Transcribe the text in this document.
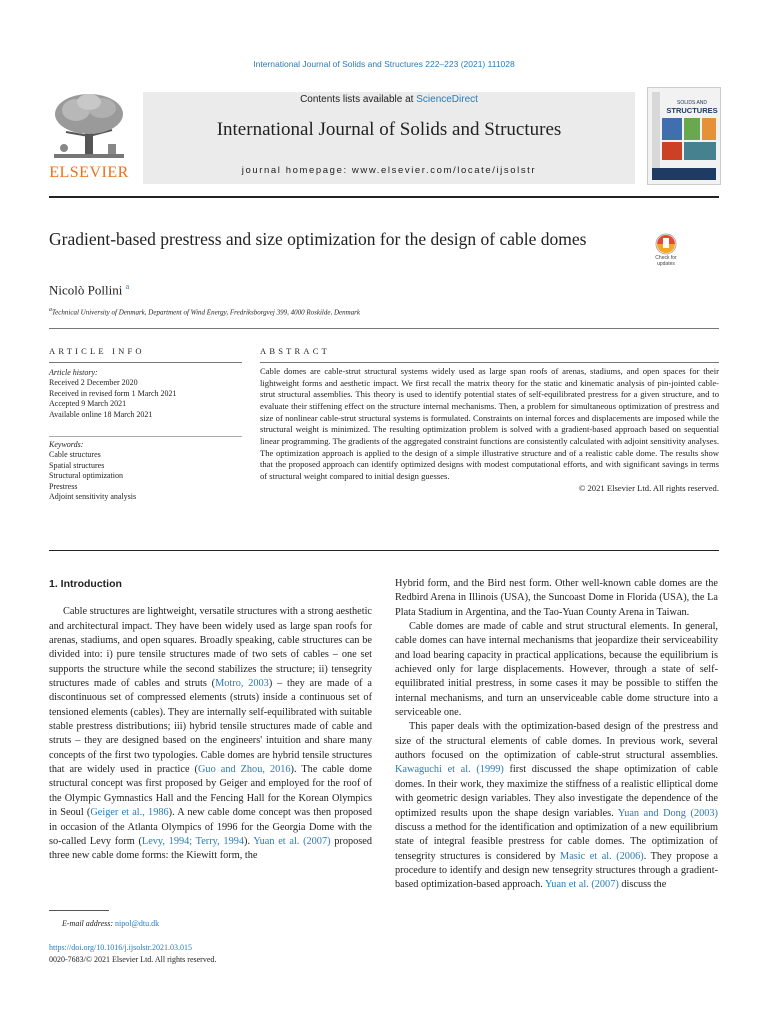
International Journal of Solids and Structures 222–223 (2021) 111028
ELSEVIER
Contents lists available at ScienceDirect
International Journal of Solids and Structures
journal homepage: www.elsevier.com/locate/ijsolstr
SOLIDS AND
STRUCTURES
Gradient-based prestress and size optimization for the design of cable domes
Check for updates
Nicolò Pollini $^a$
$^a$Technical University of Denmark, Department of Wind Energy, Fredriksborgvej 399, 4000 Roskilde, Denmark
ARTICLE INFO	ABSTRACT
Article history:
Received 2 December 2020
Received in revised form 1 March 2021
Accepted 9 March 2021
Available online 18 March 2021
Keywords:
Cable structures
Spatial structures
Structural optimization
Prestress
Adjoint sensitivity analysis
Cable domes are cable-strut structural systems widely used as large span roofs of arenas, stadiums, and open spaces for their lightweight forms and aesthetic impact. We first recall the matrix theory for the static and kinematic analysis of pin-jointed cable-strut structural assemblies. This theory is used to identify potential states of self-equilibrated prestress for a given structure, and to evaluate their stiffening effect on the structure internal mechanisms. Then, a problem for simultaneous optimization of prestress and size of nonlinear cable-strut structural systems is formulated. Constraints on internal forces and displacements are imposed while the structural weight is minimized. The resulting optimization problem is solved with a gradient-based approach based on sequential linear programming. The gradients of the aggregated constraint functions are consistently calculated with adjoint sensitivity analyses. The optimization approach is applied to the design of a simple illustrative structure and of a realistic cable dome. The results show that the proposed approach can identify optimized designs with modest computational efforts, and with significant savings in terms of structural weight compared to initial design guesses.
© 2021 Elsevier Ltd. All rights reserved.
1. Introduction

Cable structures are lightweight, versatile structures with a strong aesthetic and architectural impact. They have been widely used as large span roofs for arenas, stadiums, and open squares. Broadly speaking, cable structures can be divided into: i) pure tensile structures made of two sets of cables – one set supports the structure while the second stabilizes the structure; ii) tensegrity structures made of cables and struts (Motro, 2003) – they are made of a discontinuous set of compressed elements (struts) inside a continuous set of tensioned elements (cables). They are internally self-equilibrated with suitable stable prestress distributions; iii) hybrid tensile structures made of cable and struts – they are designed based on the engineers' intuition and share many concepts of the first two typologies. Cable domes are hybrid tensile structures that are widely used in practice (Guo and Zhou, 2016). The cable dome structural concept was first proposed by Geiger and employed for the roof of the Olympic Gymnastics Hall and the Fencing Hall for the Korean Olympics in Seoul (Geiger et al., 1986). A new cable dome concept was then proposed in occasion of the Atlanta Olympics of 1996 for the Georgia Dome with the so-called Levy form (Levy, 1994; Terry, 1994). Yuan et al. (2007) proposed three new cable dome forms: the Kiewitt form, the

Hybrid form, and the Bird nest form. Other well-known cable domes are the Redbird Arena in Illinois (USA), the Suncoast Dome in Florida (USA), the La Plata Stadium in Argentina, and the Tao-Yuan County Arena in Taiwan.

Cable domes are made of cable and strut structural elements. In general, cable domes can have internal mechanisms that jeopardize their serviceability and load bearing capacity in practical applications, because the equilibrium is achieved only for large displacements. However, through a state of self-equilibrated initial prestress, in some cases it may be possible to stiffen the internal mechanisms, and turn an unserviceable cable dome structure into a serviceable one.

This paper deals with the optimization-based design of the prestress and size of the structural elements of cable domes. In previous work, several authors focused on the optimization of cable-strut structural assemblies. Kawaguchi et al. (1999) first discussed the shape optimization of cable domes. In their work, they maximize the stiffness of a realistic elliptical dome with geometric design variables. They also investigate the dependence of the optimized results upon the shape design variables. Yuan and Dong (2003) discuss a method for the identification and optimization of a new equilibrium state of integral feasible prestress for cable domes. The optimization of tensegrity structures is considered by Masic et al. (2006). They propose a procedure to identify and design new tensegrity structures through a gradient-based optimization-based approach. Yuan et al. (2007) discuss the

E-mail address: nipol@dtu.dk
https://doi.org/10.1016/j.ijsolstr.2021.03.015
0020-7683/© 2021 Elsevier Ltd. All rights reserved.
